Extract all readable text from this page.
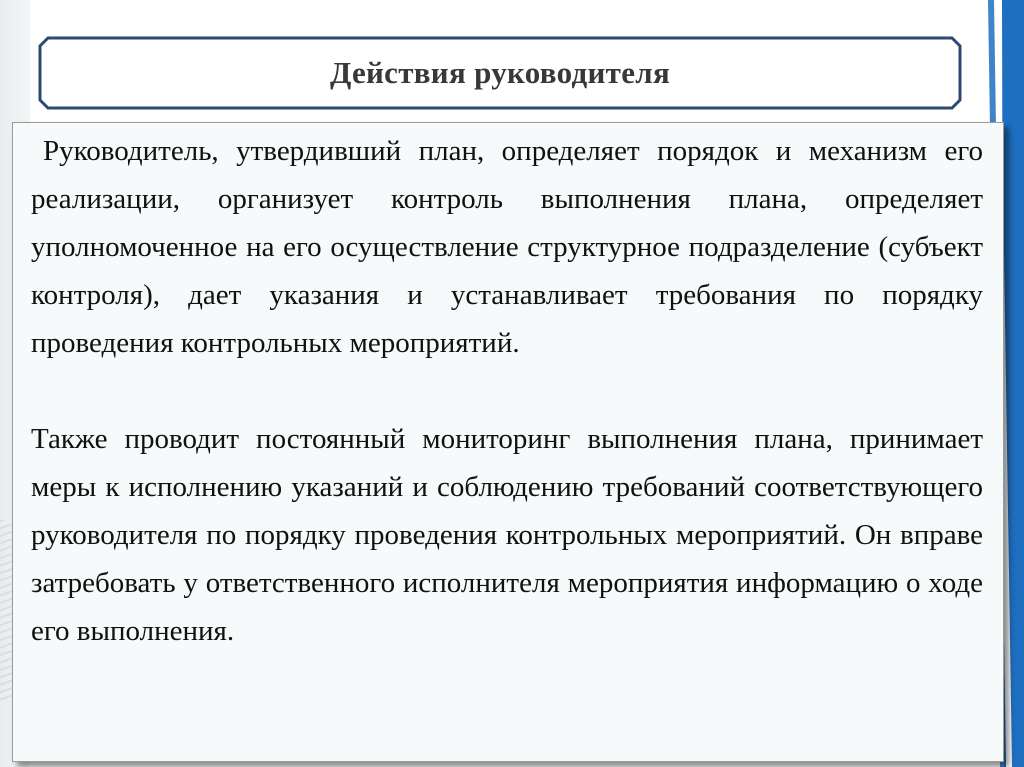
Действия руководителя

Руководитель, утвердивший план, определяет порядок и механизм его реализации, организует контроль выполнения плана, определяет уполномоченное на его осуществление структурное подразделение (субъект контроля), дает указания и устанавливает требования по порядку проведения контрольных мероприятий.

Также проводит постоянный мониторинг выполнения плана, принимает меры к исполнению указаний и соблюдению требований соответствующего руководителя по порядку проведения контрольных мероприятий. Он вправе затребовать у ответственного исполнителя мероприятия информацию о ходе его выполнения.
